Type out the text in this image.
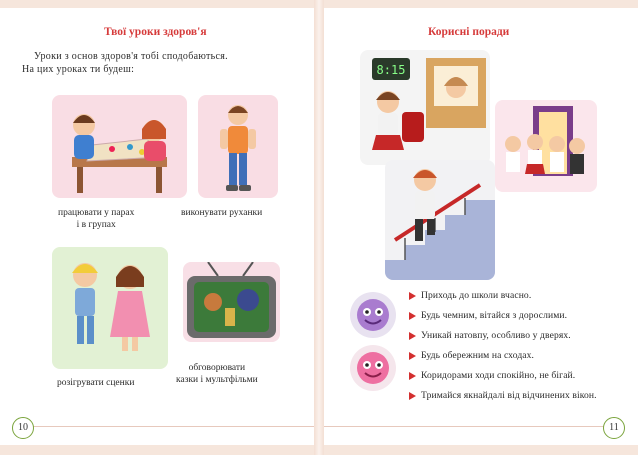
Твої уроки здоров'я
Уроки з основ здоров'я тобі сподобаються.
На цих уроках ти будеш:
працювати у парах
і в групах
виконувати руханки
розігрувати сценки
обговорювати
казки і мультфільми
10
Корисні поради
8:15
Приходь до школи вчасно.
Будь чемним, вітайся з дорослими.
Уникай натовпу, особливо у дверях.
Будь обережним на сходах.
Коридорами ходи спокійно, не бігай.
Тримайся якнайдалі від відчинених вікон.
11
